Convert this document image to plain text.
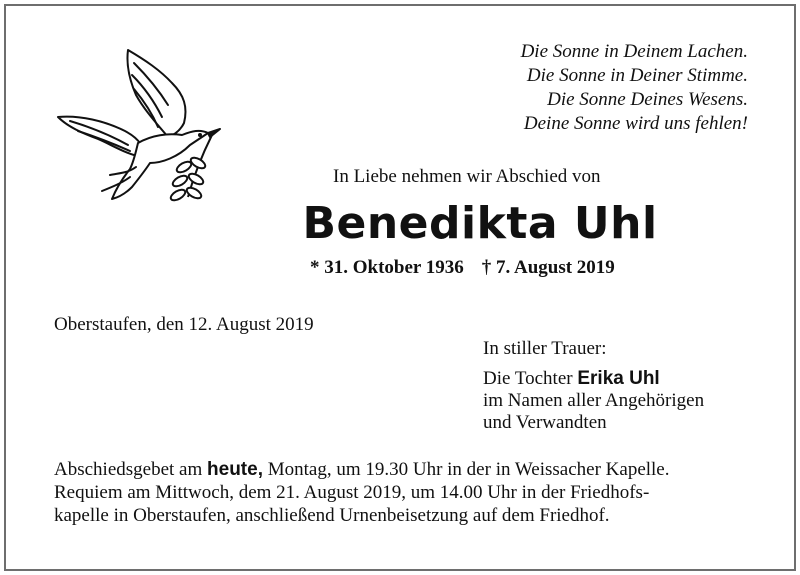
Die Sonne in Deinem Lachen.
Die Sonne in Deiner Stimme.
Die Sonne Deines Wesens.
Deine Sonne wird uns fehlen!
In Liebe nehmen wir Abschied von
Benedikta Uhl
* 31. Oktober 1936 † 7. August 2019
Oberstaufen, den 12. August 2019
In stiller Trauer:
Die Tochter Erika Uhl
im Namen aller Angehörigen
und Verwandten
Abschiedsgebet am heute, Montag, um 19.30 Uhr in der in Weissacher Kapelle.
Requiem am Mittwoch, dem 21. August 2019, um 14.00 Uhr in der Friedhofs-
kapelle in Oberstaufen, anschließend Urnenbeisetzung auf dem Friedhof.
